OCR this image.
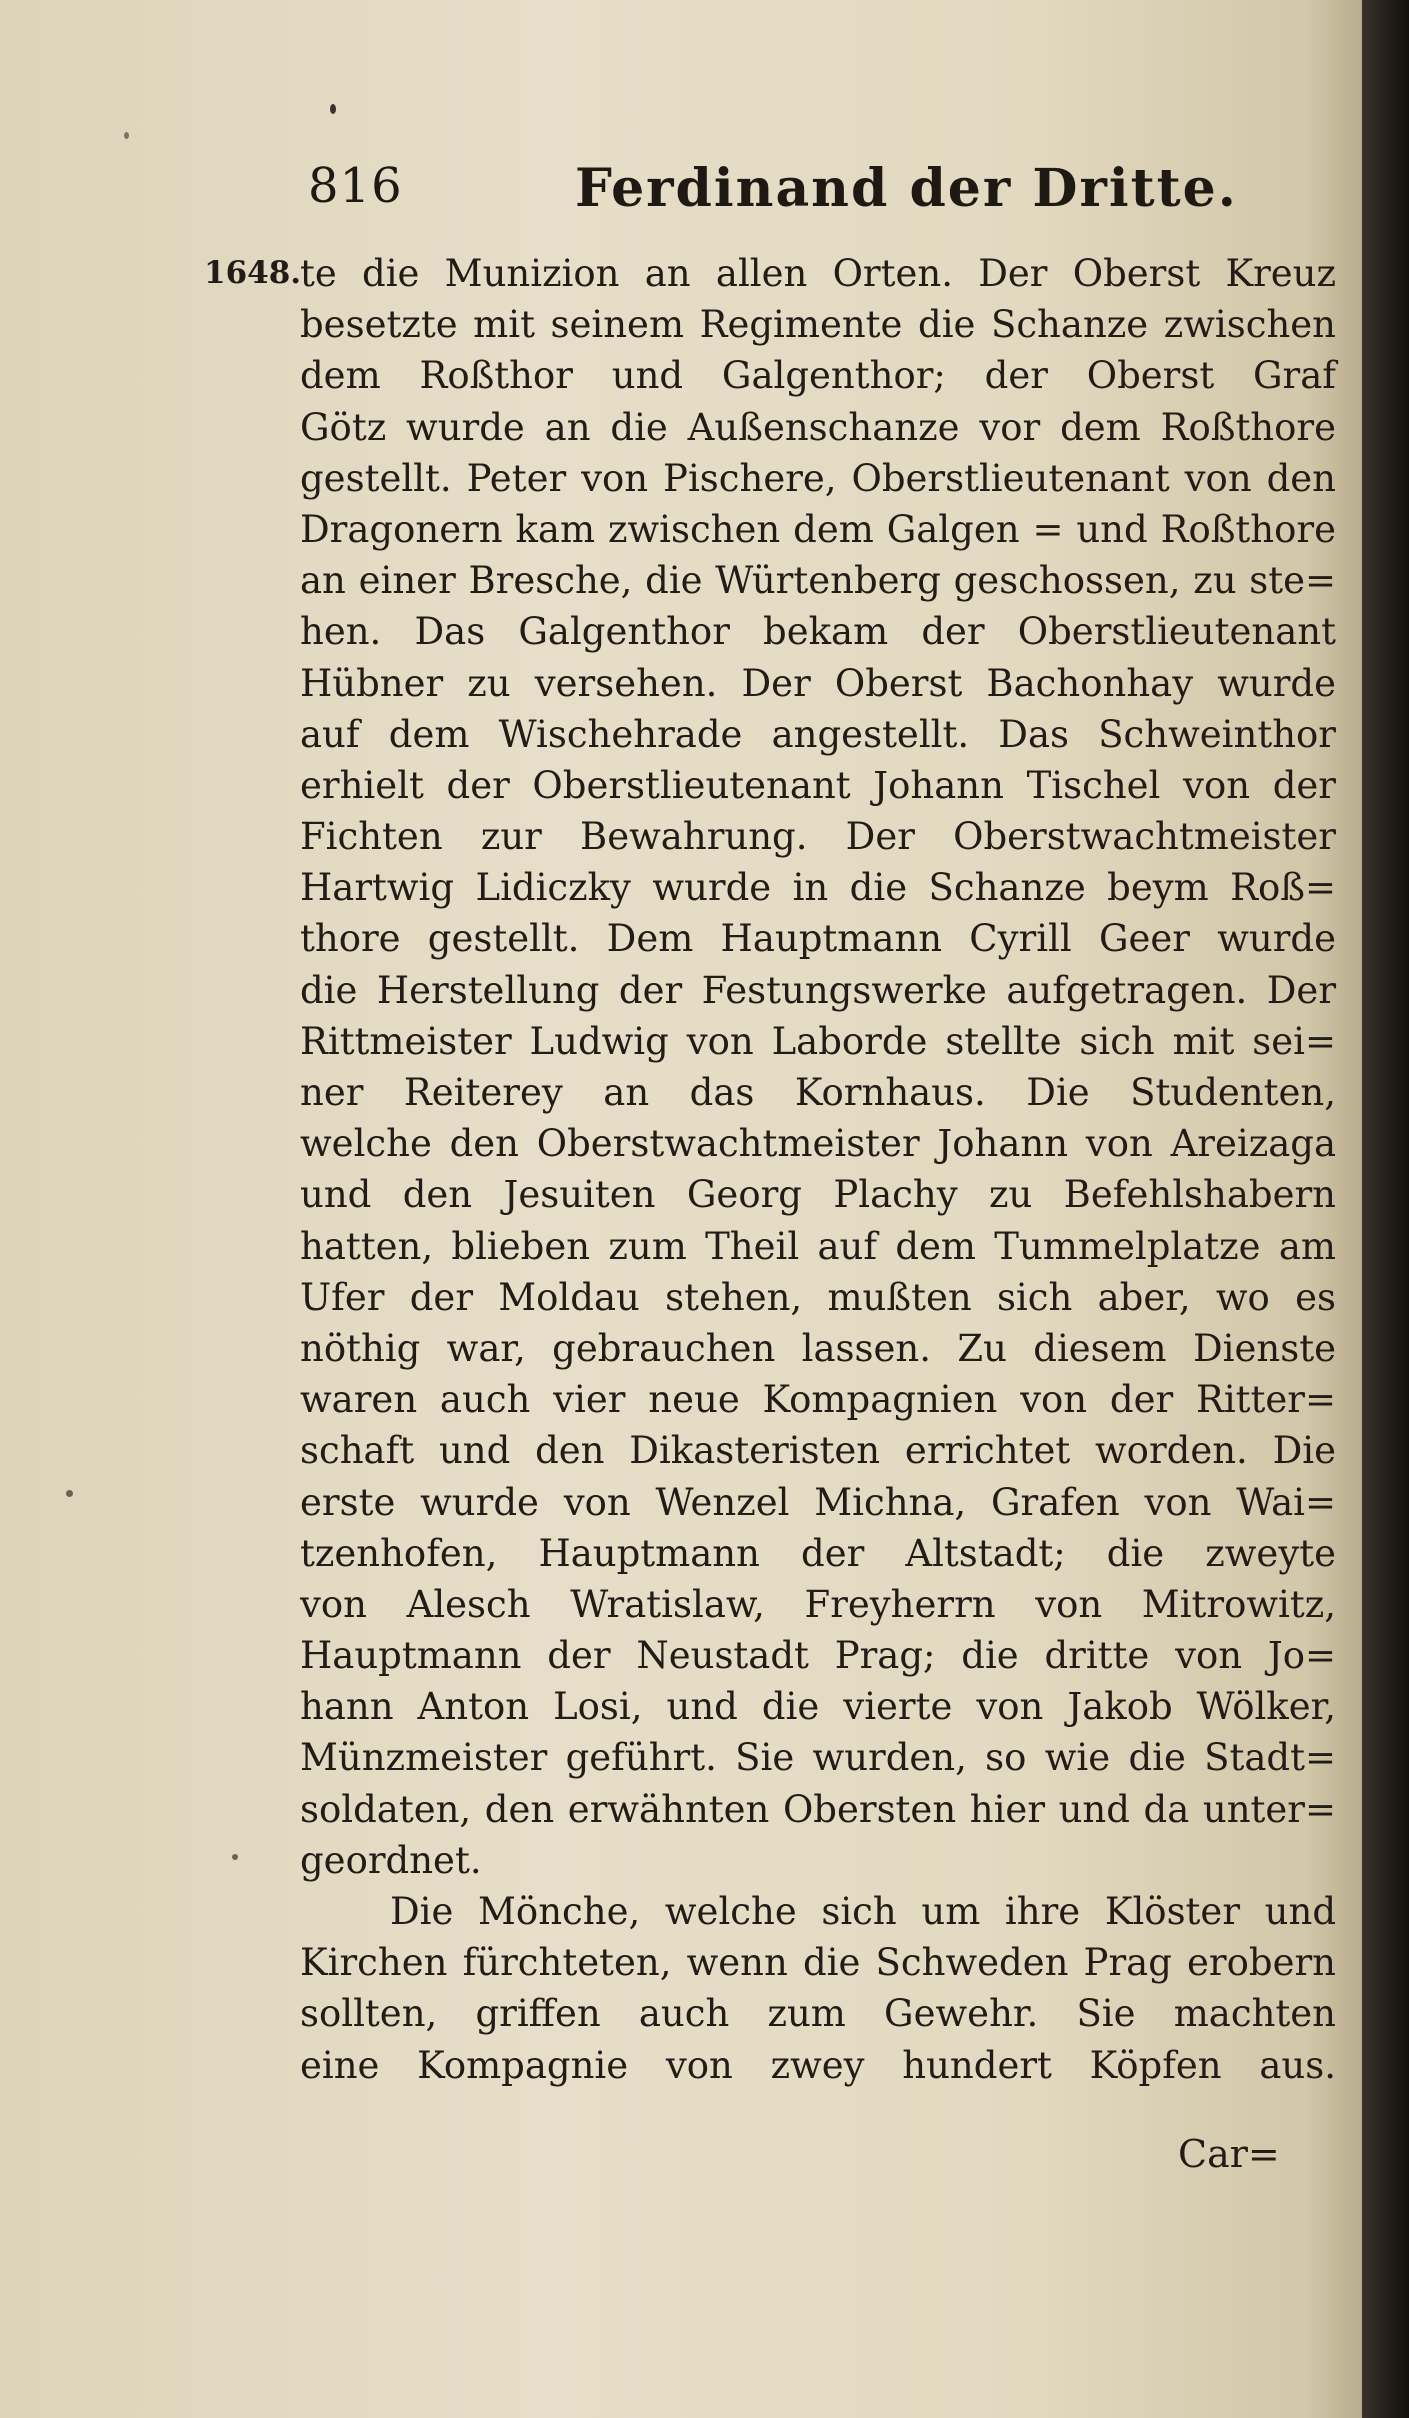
816	Ferdinand der Dritte.
1648.
te die Munizion an allen Orten. Der Oberst Kreuz
besetzte mit seinem Regimente die Schanze zwischen
dem Roßthor und Galgenthor; der Oberst Graf
Götz wurde an die Außenschanze vor dem Roßthore
gestellt. Peter von Pischere, Oberstlieutenant von den
Dragonern kam zwischen dem Galgen = und Roßthore
an einer Bresche, die Würtenberg geschossen, zu ste=
hen. Das Galgenthor bekam der Oberstlieutenant
Hübner zu versehen. Der Oberst Bachonhay wurde
auf dem Wischehrade angestellt. Das Schweinthor
erhielt der Oberstlieutenant Johann Tischel von der
Fichten zur Bewahrung. Der Oberstwachtmeister
Hartwig Lidiczky wurde in die Schanze beym Roß=
thore gestellt. Dem Hauptmann Cyrill Geer wurde
die Herstellung der Festungswerke aufgetragen. Der
Rittmeister Ludwig von Laborde stellte sich mit sei=
ner Reiterey an das Kornhaus. Die Studenten,
welche den Oberstwachtmeister Johann von Areizaga
und den Jesuiten Georg Plachy zu Befehlshabern
hatten, blieben zum Theil auf dem Tummelplatze am
Ufer der Moldau stehen, mußten sich aber, wo es
nöthig war, gebrauchen lassen. Zu diesem Dienste
waren auch vier neue Kompagnien von der Ritter=
schaft und den Dikasteristen errichtet worden. Die
erste wurde von Wenzel Michna, Grafen von Wai=
tzenhofen, Hauptmann der Altstadt; die zweyte
von Alesch Wratislaw, Freyherrn von Mitrowitz,
Hauptmann der Neustadt Prag; die dritte von Jo=
hann Anton Losi, und die vierte von Jakob Wölker,
Münzmeister geführt. Sie wurden, so wie die Stadt=
soldaten, den erwähnten Obersten hier und da unter=
geordnet.
Die Mönche, welche sich um ihre Klöster und
Kirchen fürchteten, wenn die Schweden Prag erobern
sollten, griffen auch zum Gewehr. Sie machten
eine Kompagnie von zwey hundert Köpfen aus.
Car=
